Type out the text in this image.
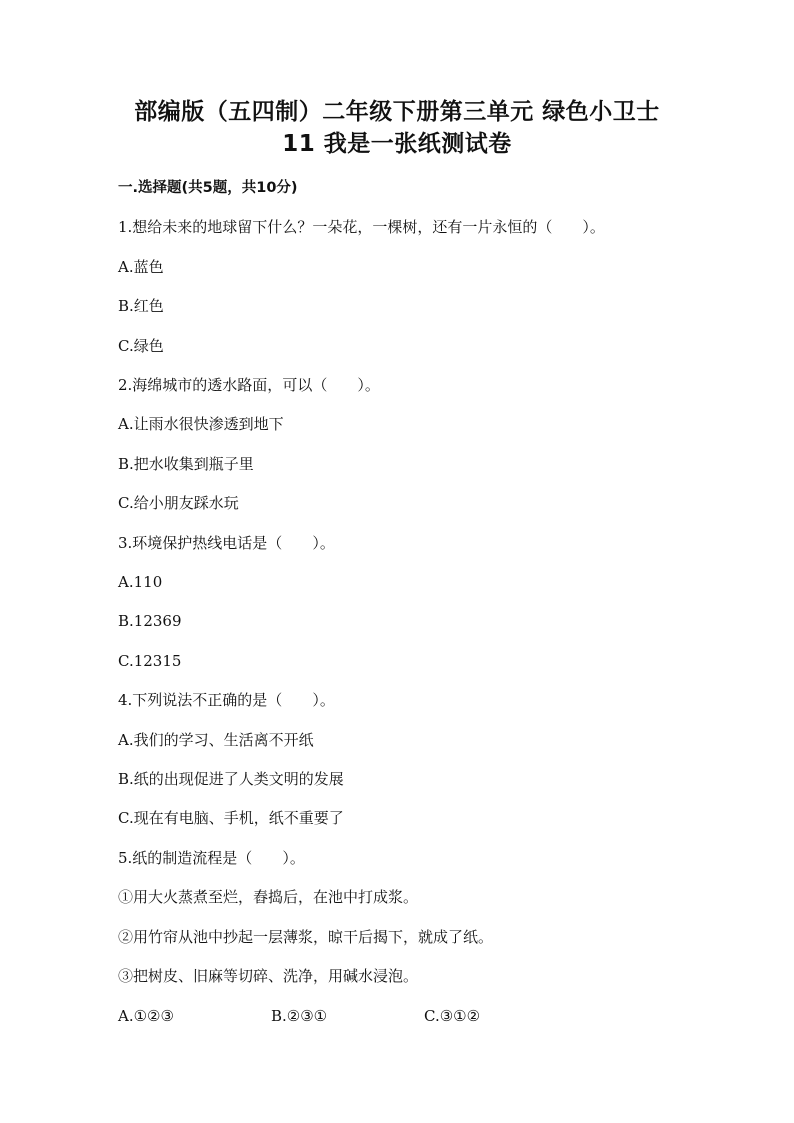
部编版（五四制）二年级下册第三单元 绿色小卫士
11 我是一张纸测试卷
一.选择题(共5题，共10分)
1.想给未来的地球留下什么？一朵花，一棵树，还有一片永恒的（　　）。
A.蓝色
B.红色
C.绿色
2.海绵城市的透水路面，可以（　　）。
A.让雨水很快渗透到地下
B.把水收集到瓶子里
C.给小朋友踩水玩
3.环境保护热线电话是（　　）。
A.110
B.12369
C.12315
4.下列说法不正确的是（　　）。
A.我们的学习、生活离不开纸
B.纸的出现促进了人类文明的发展
C.现在有电脑、手机，纸不重要了
5.纸的制造流程是（　　）。
①用大火蒸煮至烂，舂捣后，在池中打成浆。
②用竹帘从池中抄起一层薄浆，晾干后揭下，就成了纸。
③把树皮、旧麻等切碎、洗净，用碱水浸泡。
A.①②③	B.②③①	C.③①②
